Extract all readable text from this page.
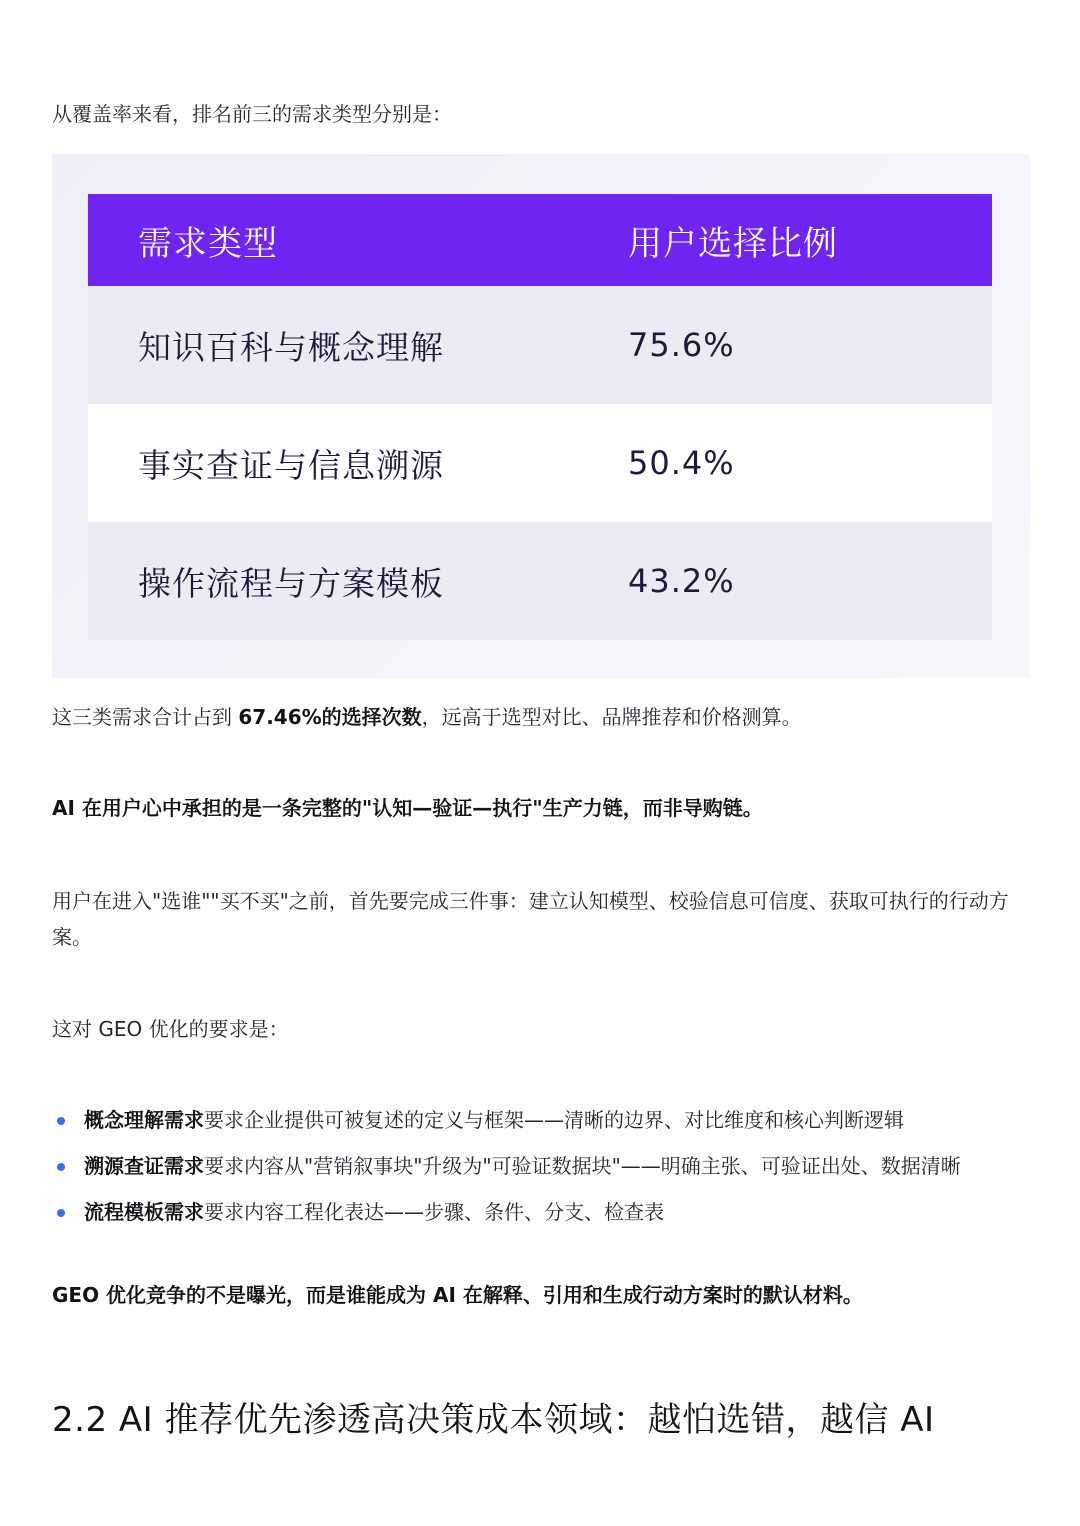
从覆盖率来看，排名前三的需求类型分别是：

需求类型	用户选择比例
知识百科与概念理解	75.6%
事实查证与信息溯源	50.4%
操作流程与方案模板	43.2%

这三类需求合计占到 67.46%的选择次数，远高于选型对比、品牌推荐和价格测算。

AI 在用户心中承担的是一条完整的"认知—验证—执行"生产力链，而非导购链。

用户在进入"选谁""买不买"之前，首先要完成三件事：建立认知模型、校验信息可信度、获取可执行的行动方案。

这对 GEO 优化的要求是：

概念理解需求要求企业提供可被复述的定义与框架——清晰的边界、对比维度和核心判断逻辑
溯源查证需求要求内容从"营销叙事块"升级为"可验证数据块"——明确主张、可验证出处、数据清晰
流程模板需求要求内容工程化表达——步骤、条件、分支、检查表

GEO 优化竞争的不是曝光，而是谁能成为 AI 在解释、引用和生成行动方案时的默认材料。

2.2 AI 推荐优先渗透高决策成本领域：越怕选错，越信 AI
